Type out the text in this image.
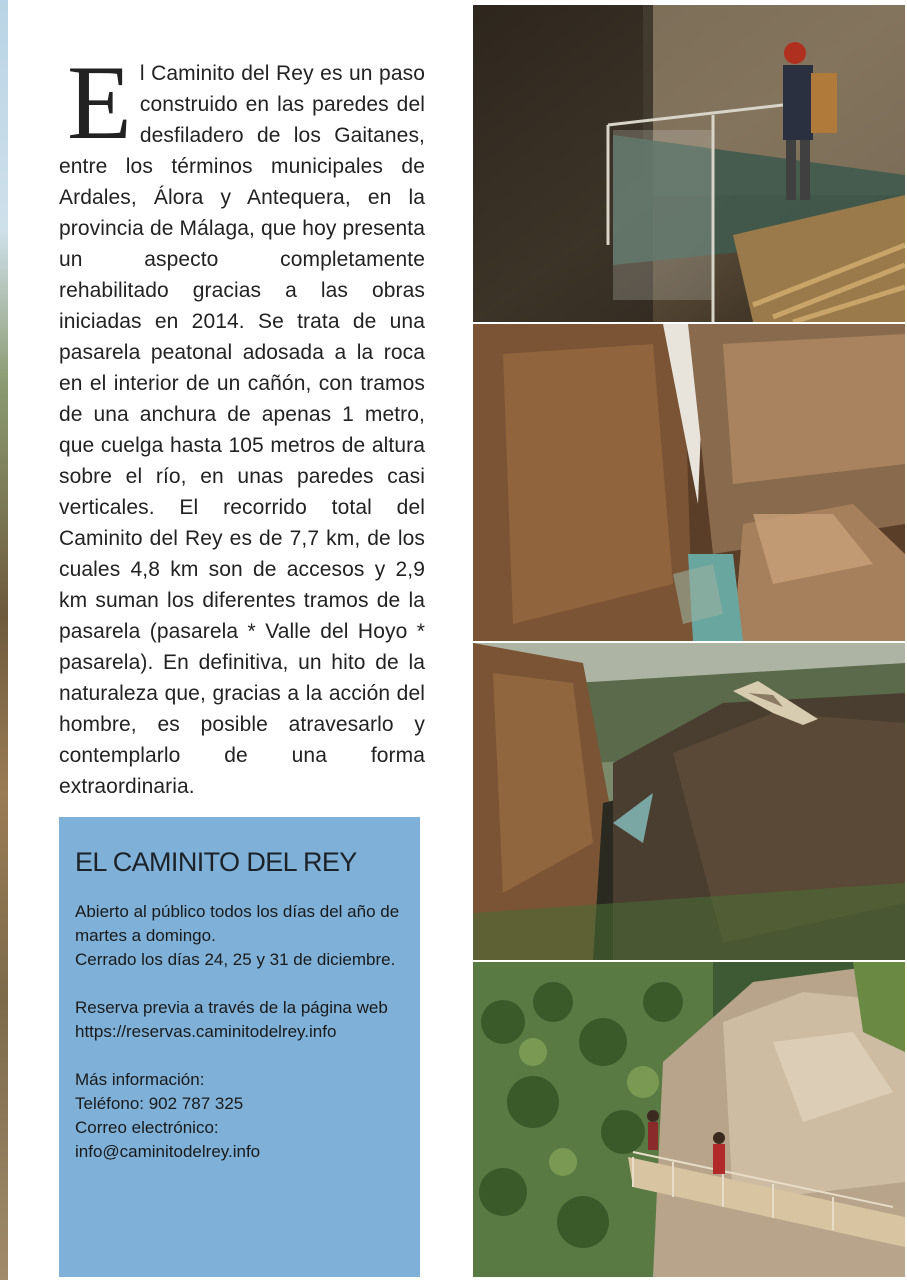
E l Caminito del Rey es un paso construido en las paredes del desfiladero de los Gaitanes, entre los términos municipales de Ardales, Álora y Antequera, en la provincia de Málaga, que hoy presenta un aspecto completamente rehabilitado gracias a las obras iniciadas en 2014. Se trata de una pasarela peatonal adosada a la roca en el interior de un cañón, con tramos de una anchura de apenas 1 metro, que cuelga hasta 105 metros de altura sobre el río, en unas paredes casi verticales. El recorrido total del Caminito del Rey es de 7,7 km, de los cuales 4,8 km son de accesos y 2,9 km suman los diferentes tramos de la pasarela (pasarela * Valle del Hoyo * pasarela). En definitiva, un hito de la naturaleza que, gracias a la acción del hombre, es posible atravesarlo y contemplarlo de una forma extraordinaria.
EL CAMINITO DEL REY

Abierto al público todos los días del año de

martes a domingo.

Cerrado los días 24, 25 y 31 de diciembre.

Reserva previa a través de la página web

https://reservas.caminitodelrey.info

Más información:

Teléfono: 902 787 325

Correo electrónico:

info@caminitodelrey.info
